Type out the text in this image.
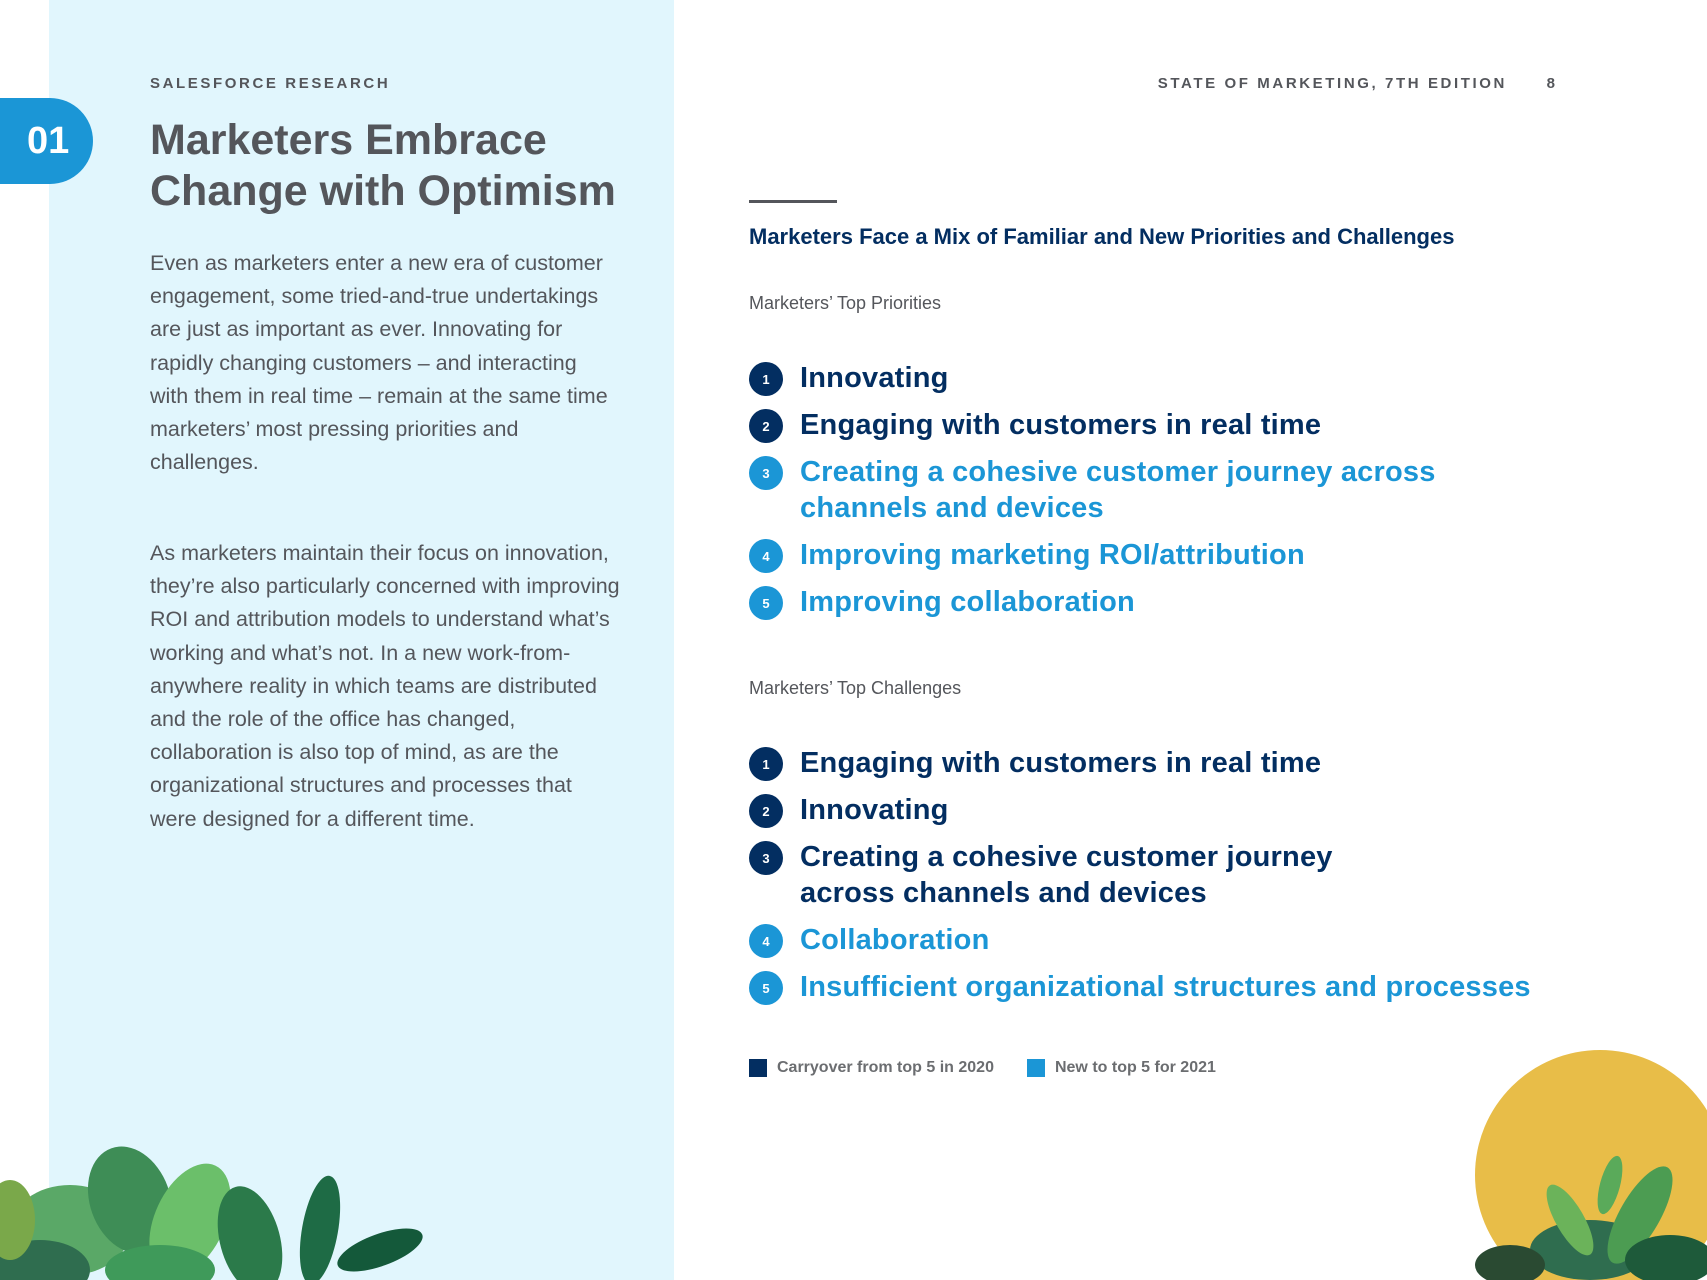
01
SALESFORCE RESEARCH	STATE OF MARKETING, 7TH EDITION	8
Marketers Embrace Change with Optimism

Even as marketers enter a new era of customer engagement, some tried-and-true undertakings are just as important as ever. Innovating for rapidly changing customers – and interacting with them in real time – remain at the same time marketers’ most pressing priorities and challenges.

As marketers maintain their focus on innovation, they’re also particularly concerned with improving ROI and attribution models to understand what’s working and what’s not. In a new work-from-anywhere reality in which teams are distributed and the role of the office has changed, collaboration is also top of mind, as are the organizational structures and processes that were designed for a different time.

Marketers Face a Mix of Familiar and New Priorities and Challenges
Marketers’ Top Priorities
1	Innovating
2	Engaging with customers in real time
3	Creating a cohesive customer journey across channels and devices
4	Improving marketing ROI/attribution
5	Improving collaboration
Marketers’ Top Challenges
1	Engaging with customers in real time
2	Innovating
3	Creating a cohesive customer journey across channels and devices
4	Collaboration
5	Insufficient organizational structures and processes
Carryover from top 5 in 2020	New to top 5 for 2021
